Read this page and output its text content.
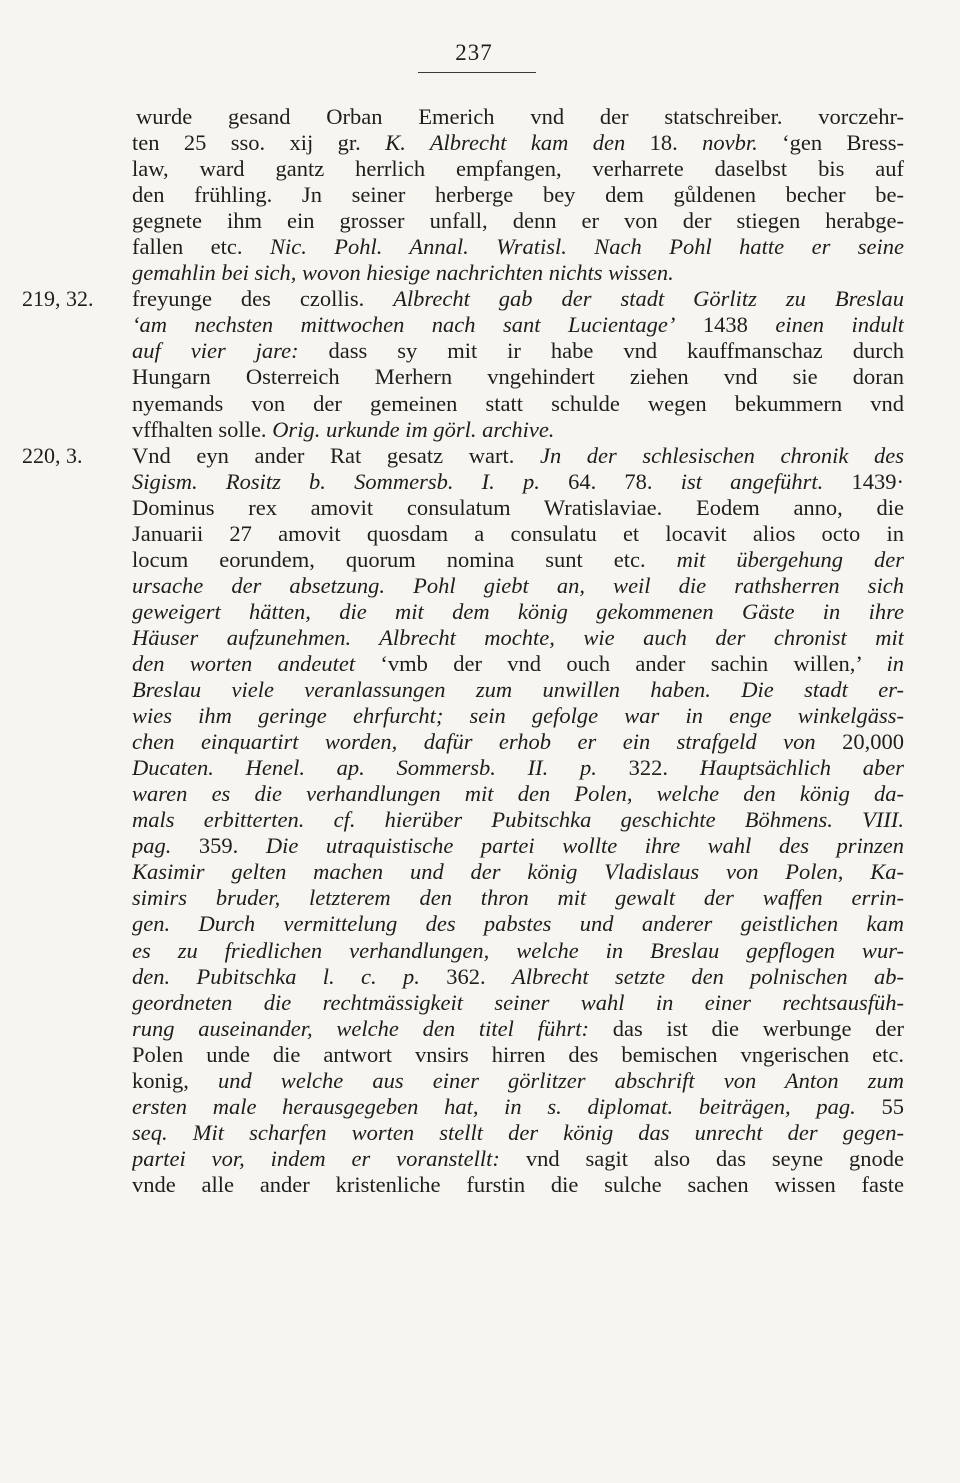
237
wurde gesand Orban Emerich vnd der statschreiber. vorczehr-
ten 25 sso. xij gr. K. Albrecht kam den 18. novbr. ‘gen Bress-
law, ward gantz herrlich empfangen, verharrete daselbst bis auf
den frühling. Jn seiner herberge bey dem gůldenen becher be-
gegnete ihm ein grosser unfall, denn er von der stiegen herabge-
fallen etc. Nic. Pohl. Annal. Wratisl. Nach Pohl hatte er seine
gemahlin bei sich, wovon hiesige nachrichten nichts wissen.
219, 32. freyunge des czollis. Albrecht gab der stadt Görlitz zu Breslau
‘am nechsten mittwochen nach sant Lucientage’ 1438 einen indult
auf vier jare: dass sy mit ir habe vnd kauffmanschaz durch
Hungarn Osterreich Merhern vngehindert ziehen vnd sie doran
nyemands von der gemeinen statt schulde wegen bekummern vnd
vffhalten solle. Orig. urkunde im görl. archive.
220, 3. Vnd eyn ander Rat gesatz wart. Jn der schlesischen chronik des
Sigism. Rositz b. Sommersb. I. p. 64. 78. ist angeführt. 1439·
Dominus rex amovit consulatum Wratislaviae. Eodem anno, die
Januarii 27 amovit quosdam a consulatu et locavit alios octo in
locum eorundem, quorum nomina sunt etc. mit übergehung der
ursache der absetzung. Pohl giebt an, weil die rathsherren sich
geweigert hätten, die mit dem könig gekommenen Gäste in ihre
Häuser aufzunehmen. Albrecht mochte, wie auch der chronist mit
den worten andeutet ‘vmb der vnd ouch ander sachin willen,’ in
Breslau viele veranlassungen zum unwillen haben. Die stadt er-
wies ihm geringe ehrfurcht; sein gefolge war in enge winkelgäss-
chen einquartirt worden, dafür erhob er ein strafgeld von 20,000
Ducaten. Henel. ap. Sommersb. II. p. 322. Hauptsächlich aber
waren es die verhandlungen mit den Polen, welche den könig da-
mals erbitterten. cf. hierüber Pubitschka geschichte Böhmens. VIII.
pag. 359. Die utraquistische partei wollte ihre wahl des prinzen
Kasimir gelten machen und der könig Vladislaus von Polen, Ka-
simirs bruder, letzterem den thron mit gewalt der waffen errin-
gen. Durch vermittelung des pabstes und anderer geistlichen kam
es zu friedlichen verhandlungen, welche in Breslau gepflogen wur-
den. Pubitschka l. c. p. 362. Albrecht setzte den polnischen ab-
geordneten die rechtmässigkeit seiner wahl in einer rechtsausfüh-
rung auseinander, welche den titel führt: das ist die werbunge der
Polen unde die antwort vnsirs hirren des bemischen vngerischen etc.
konig, und welche aus einer görlitzer abschrift von Anton zum
ersten male herausgegeben hat, in s. diplomat. beiträgen, pag. 55
seq. Mit scharfen worten stellt der könig das unrecht der gegen-
partei vor, indem er voranstellt: vnd sagit also das seyne gnode
vnde alle ander kristenliche furstin die sulche sachen wissen faste
